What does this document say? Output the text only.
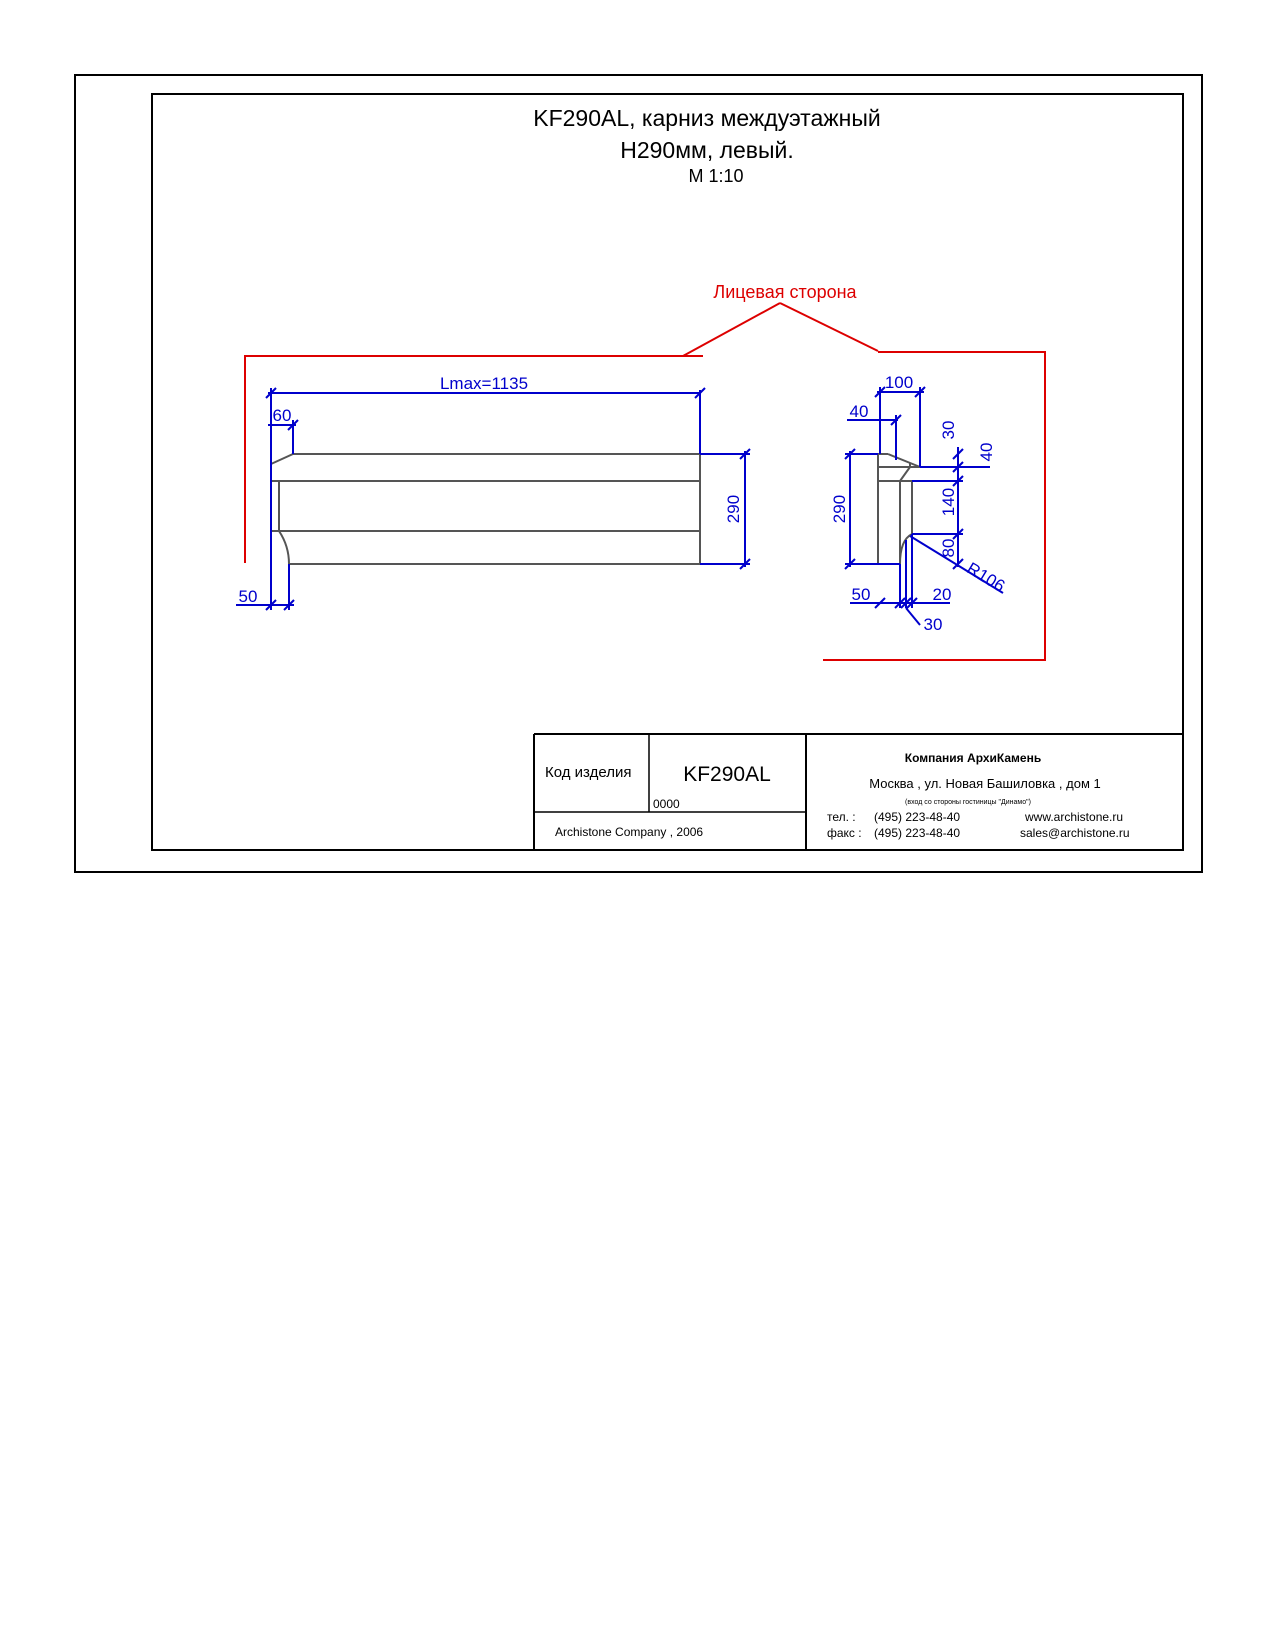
KF290AL, карниз междуэтажный
H290мм, левый.
M 1:10
Лицевая сторона
Lmax=1135
60
290
50
100
40
30
40
290	140
80
R106
50	20
30
Код изделия KF290AL
0000
Archistone Company , 2006
Компания АрхиКамень
Москва , ул. Новая Башиловка , дом 1
(вход со стороны гостиницы "Динамо")
тел. : (495) 223-48-40
факс : (495) 223-48-40
www.archistone.ru
sales@archistone.ru
